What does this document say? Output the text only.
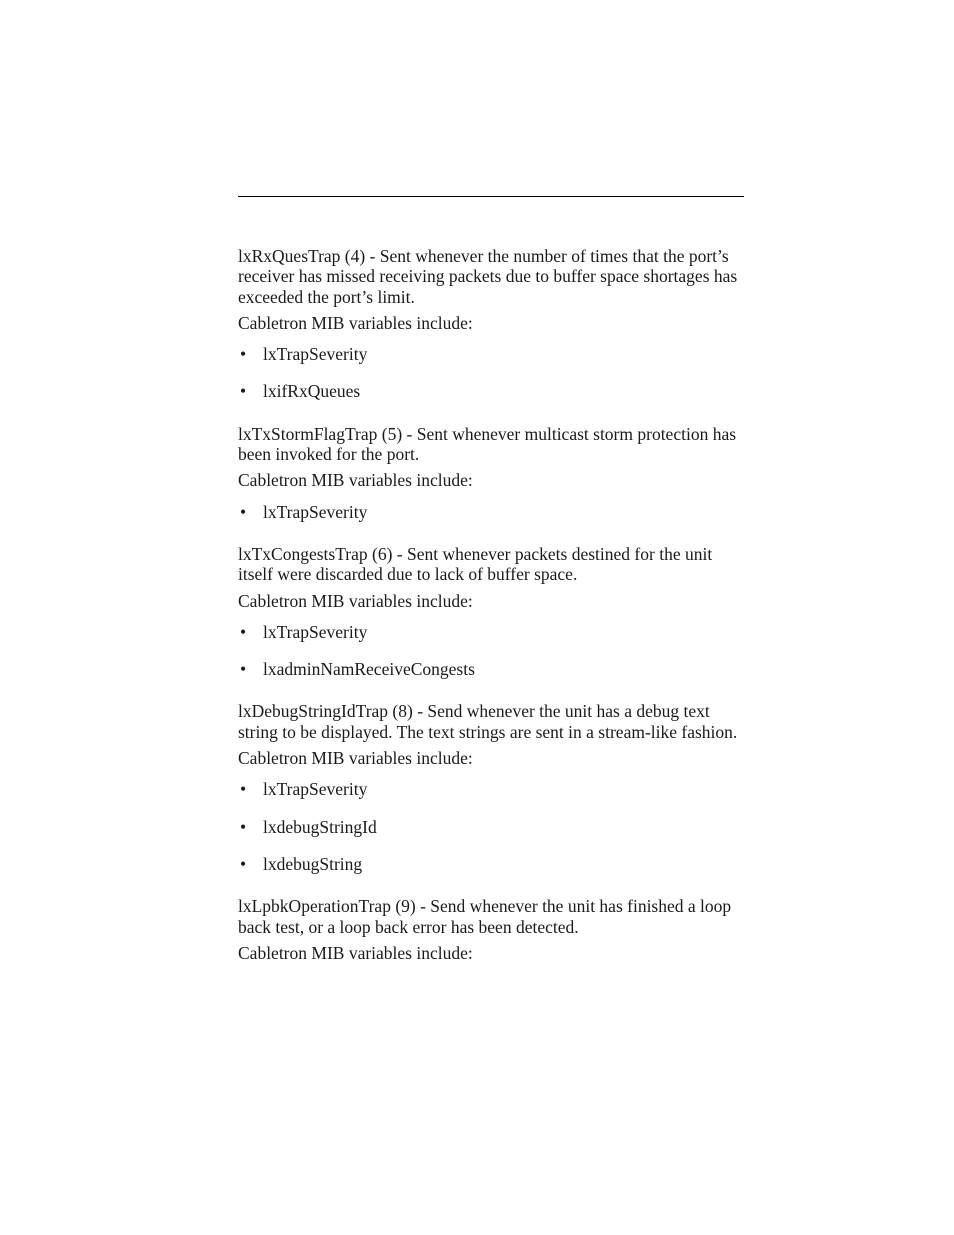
lxRxQuesTrap (4) - Sent whenever the number of times that the port’s receiver has missed receiving packets due to buffer space shortages has exceeded the port’s limit.

Cabletron MIB variables include:

• lxTrapSeverity
• lxifRxQueues

lxTxStormFlagTrap (5) - Sent whenever multicast storm protection has been invoked for the port.

Cabletron MIB variables include:

• lxTrapSeverity

lxTxCongestsTrap (6) - Sent whenever packets destined for the unit itself were discarded due to lack of buffer space.

Cabletron MIB variables include:

• lxTrapSeverity
• lxadminNamReceiveCongests

lxDebugStringIdTrap (8) - Send whenever the unit has a debug text string to be displayed. The text strings are sent in a stream-like fashion.

Cabletron MIB variables include:

• lxTrapSeverity
• lxdebugStringId
• lxdebugString

lxLpbkOperationTrap (9) - Send whenever the unit has finished a loop back test, or a loop back error has been detected.

Cabletron MIB variables include:
